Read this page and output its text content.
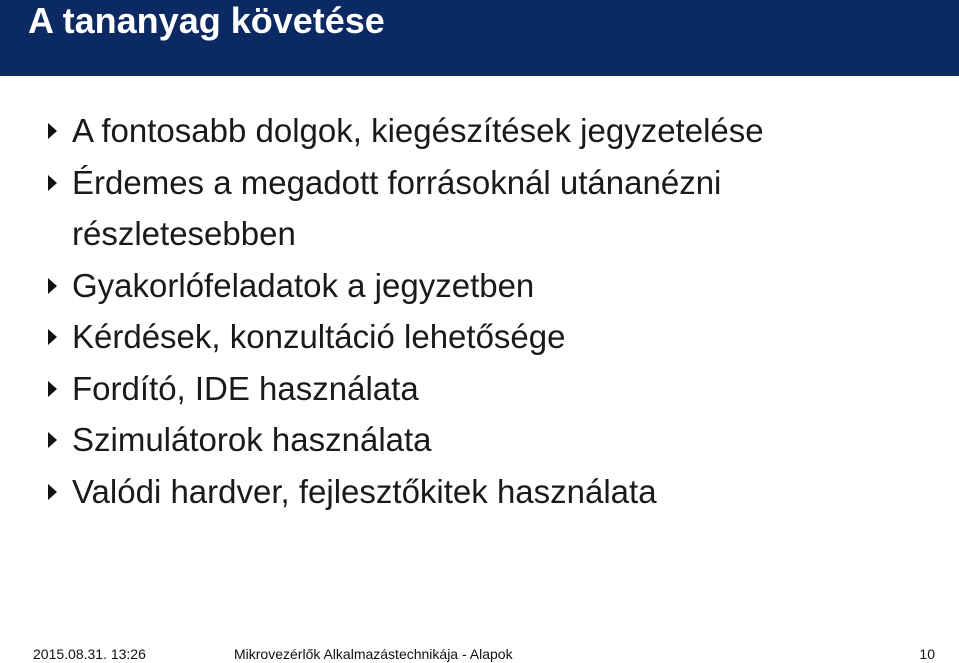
A tananyag követése
A fontosabb dolgok, kiegészítések jegyzetelése
Érdemes a megadott forrásoknál utánanézni részletesebben
Gyakorlófeladatok a jegyzetben
Kérdések, konzultáció lehetősége
Fordító, IDE használata
Szimulátorok használata
Valódi hardver, fejlesztőkitek használata
2015.08.31. 13:26	Mikrovezérlők Alkalmazástechnikája - Alapok	10
